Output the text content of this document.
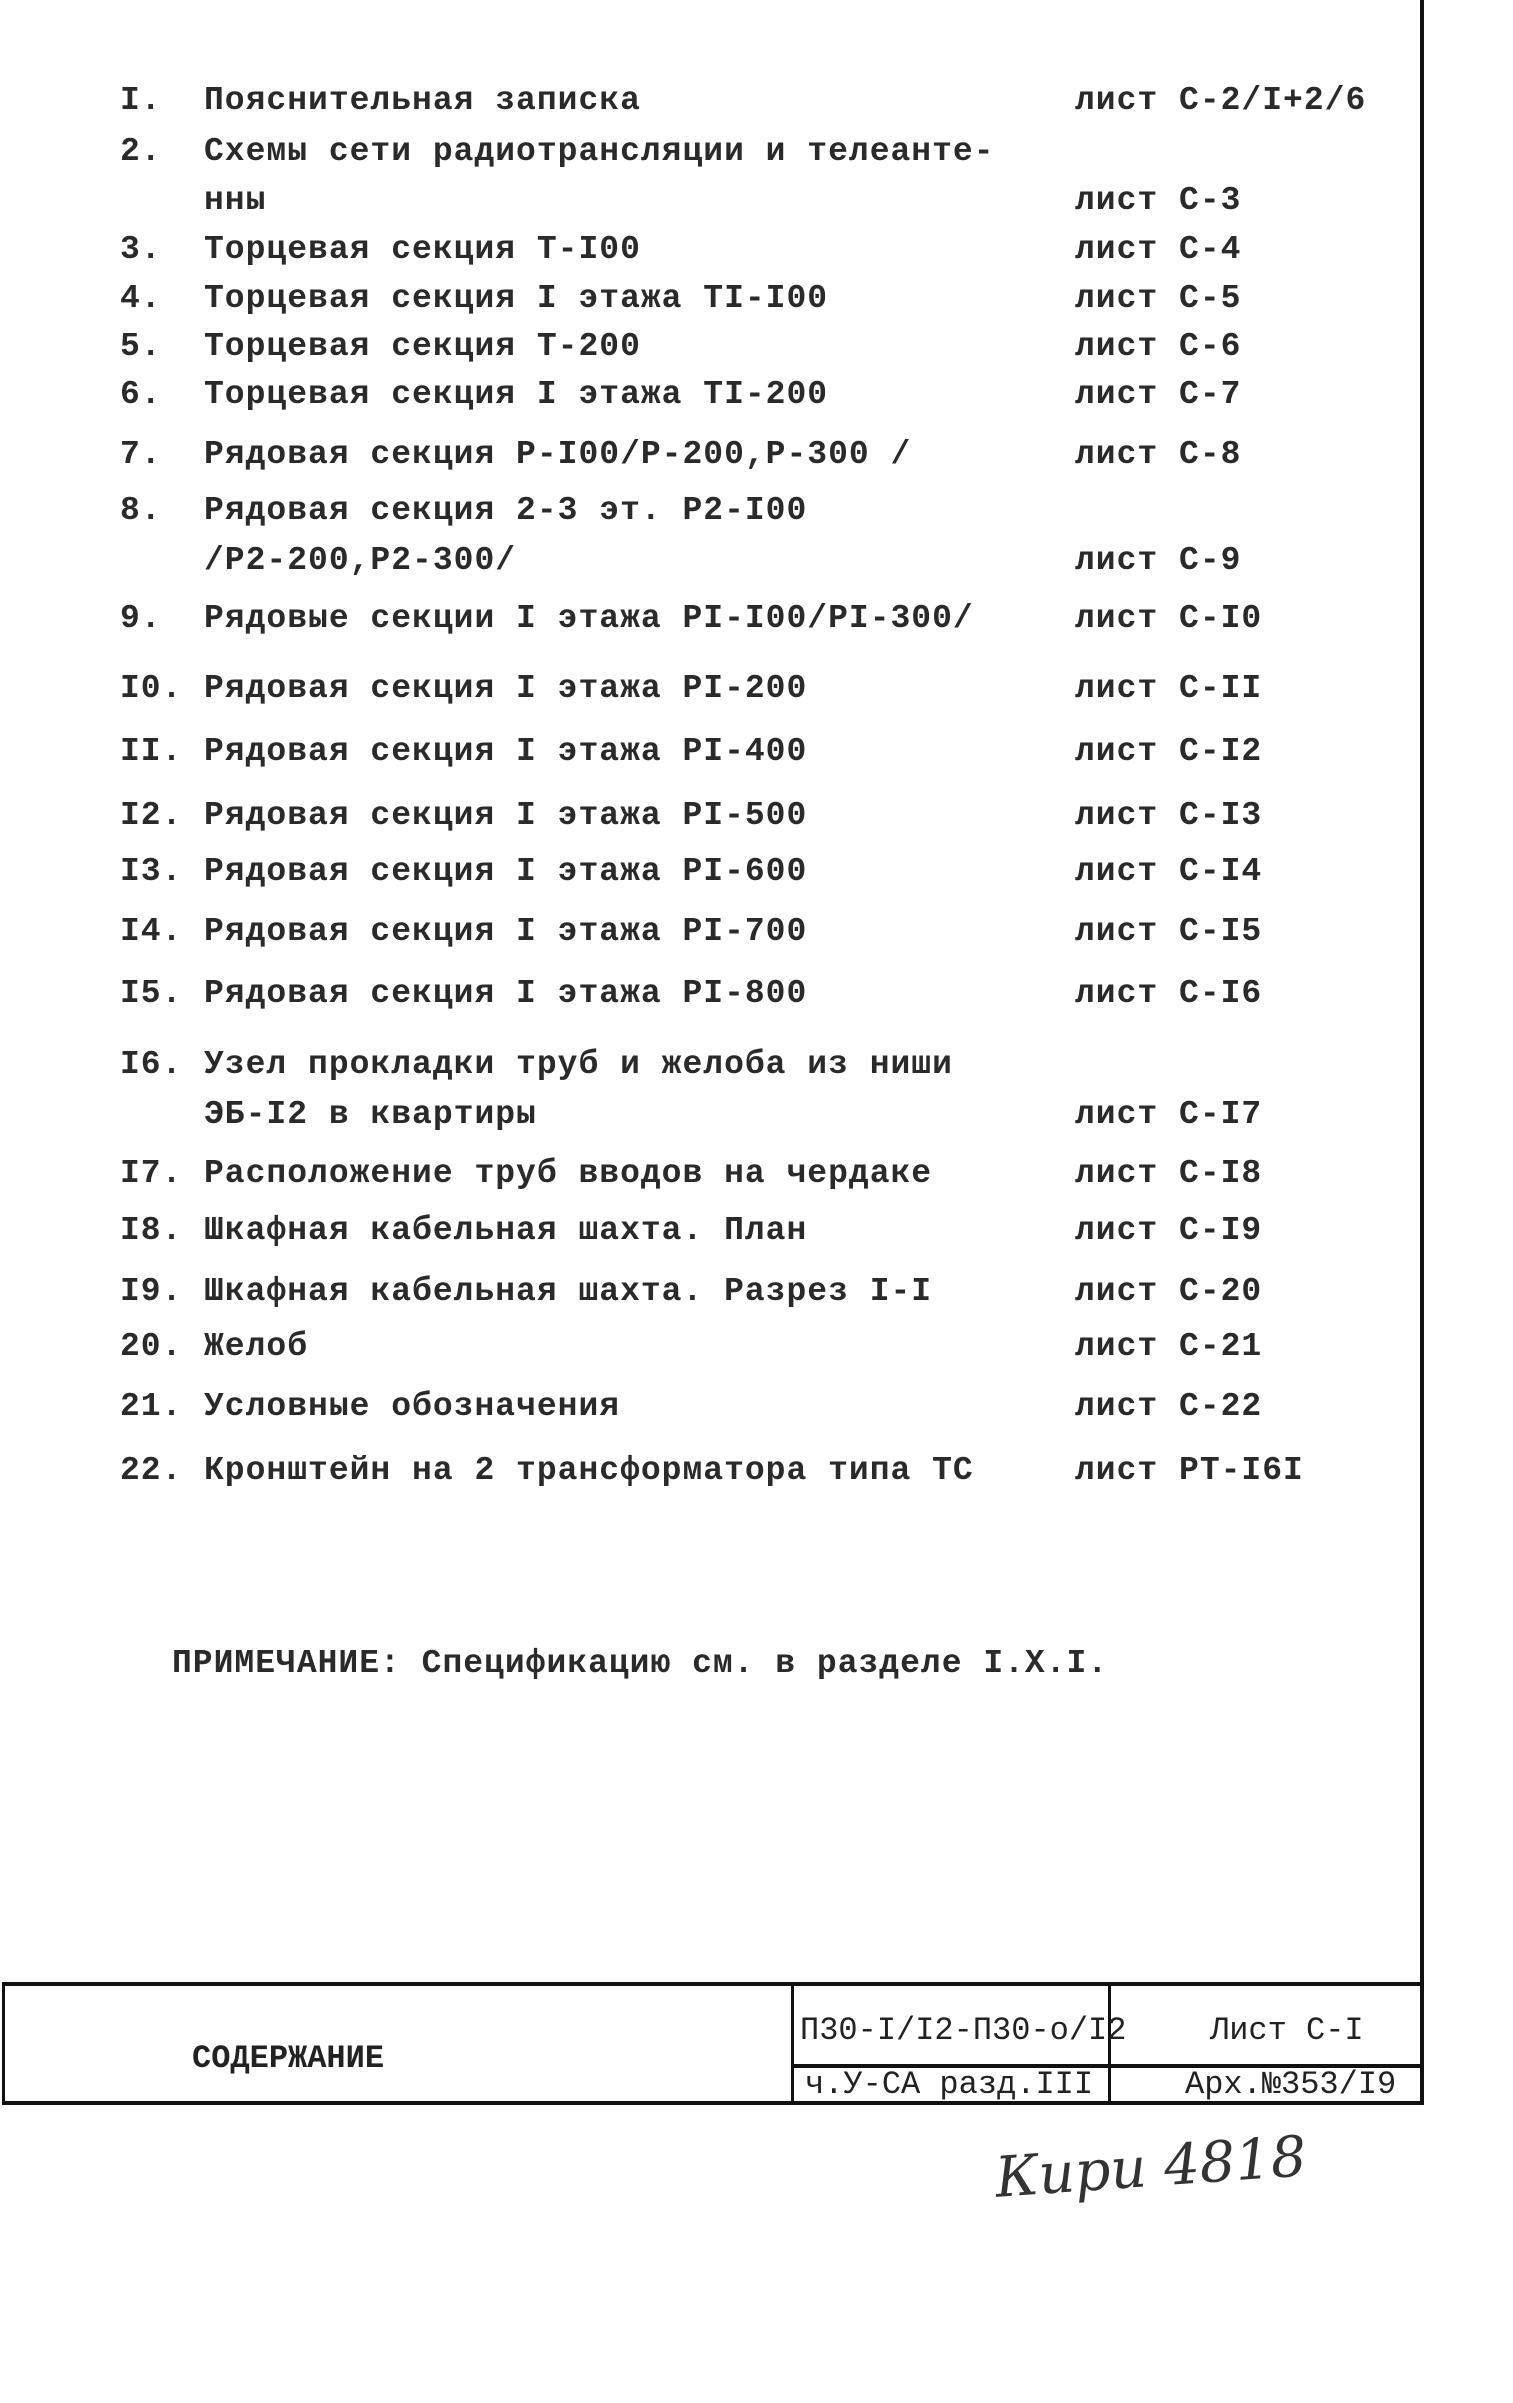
I. Пояснительная записка	лист С-2/I+2/6
2. Схемы сети радиотрансляции и телеанте-
нны	лист С-3
3. Торцевая секция Т-I00	лист С-4
4. Торцевая секция I этажа ТI-I00	лист С-5
5. Торцевая секция Т-200	лист С-6
6. Торцевая секция I этажа ТI-200	лист С-7
7. Рядовая секция Р-I00/Р-200,Р-300 /	лист С-8
8. Рядовая секция 2-3 эт. Р2-I00
/Р2-200,Р2-300/	лист С-9
9. Рядовые секции I этажа РI-I00/РI-300/	лист С-I0
I0. Рядовая секция I этажа РI-200	лист С-II
II. Рядовая секция I этажа РI-400	лист С-I2
I2. Рядовая секция I этажа РI-500	лист С-I3
I3. Рядовая секция I этажа РI-600	лист С-I4
I4. Рядовая секция I этажа РI-700	лист С-I5
I5. Рядовая секция I этажа РI-800	лист С-I6
I6. Узел прокладки труб и желоба из ниши
ЭБ-I2 в квартиры	лист С-I7
I7. Расположение труб вводов на чердаке	лист С-I8
I8. Шкафная кабельная шахта. План	лист С-I9
I9. Шкафная кабельная шахта. Разрез I-I	лист С-20
20. Желоб	лист С-21
21. Условные обозначения	лист С-22
22. Кронштейн на 2 трансформатора типа ТС	лист РТ-I6I
ПРИМЕЧАНИЕ: Спецификацию см. в разделе I.X.I.
СОДЕРЖАНИЕ
П30-I/I2-П30-о/I2	Лист С-I
ч.У-СА разд.III	Арх.№353/I9
Кири 4818
